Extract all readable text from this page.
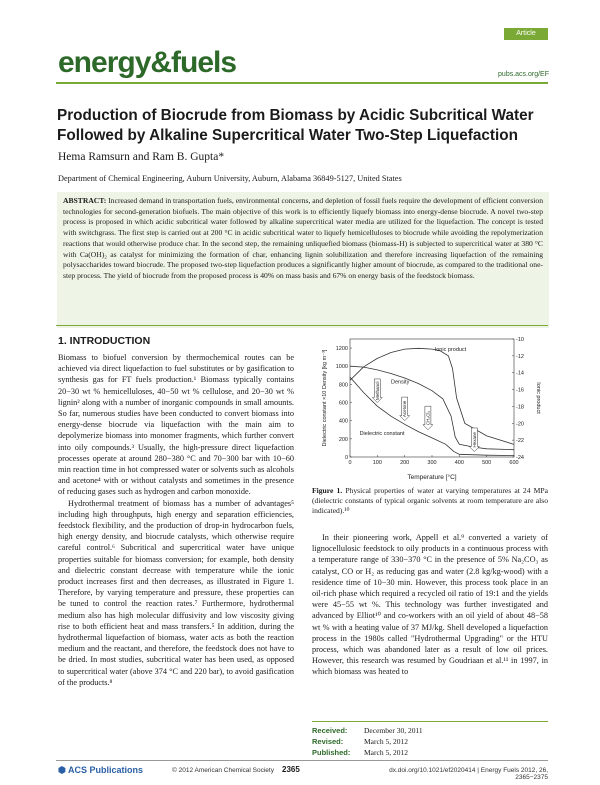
Article
energy&fuels	pubs.acs.org/EF
Production of Biocrude from Biomass by Acidic Subcritical Water Followed by Alkaline Supercritical Water Two-Step Liquefaction
Hema Ramsurn and Ram B. Gupta*
Department of Chemical Engineering, Auburn University, Auburn, Alabama 36849-5127, United States
ABSTRACT: Increased demand in transportation fuels, environmental concerns, and depletion of fossil fuels require the development of efficient conversion technologies for second-generation biofuels. The main objective of this work is to efficiently liquefy biomass into energy-dense biocrude. A novel two-step process is proposed in which acidic subcritical water followed by alkaline supercritical water media are utilized for the liquefaction. The concept is tested with switchgrass. The first step is carried out at 200 °C in acidic subcritical water to liquefy hemicelluloses to biocrude while avoiding the repolymerization reactions that would otherwise produce char. In the second step, the remaining unliquefied biomass (biomass-H) is subjected to supercritical water at 380 °C with Ca(OH)₂ as catalyst for minimizing the formation of char, enhancing lignin solubilization and therefore increasing liquefaction of the remaining polysaccharides toward biocrude. The proposed two-step liquefaction produces a significantly higher amount of biocrude, as compared to the traditional one-step process. The yield of biocrude from the proposed process is 40% on mass basis and 67% on energy basis of the feedstock biomass.
1. INTRODUCTION

Biomass to biofuel conversion by thermochemical routes can be achieved via direct liquefaction to fuel substitutes or by gasification to synthesis gas for FT fuels production.¹ Biomass typically contains 20−30 wt % hemicelluloses, 40−50 wt % cellulose, and 20−30 wt % lignin² along with a number of inorganic compounds in small amounts. So far, numerous studies have been conducted to convert biomass into energy-dense biocrude via liquefaction with the main aim to depolymerize biomass into monomer fragments, which further convert into oily compounds.³ Usually, the high-pressure direct liquefaction processes operate at around 280−380 °C and 70−300 bar with 10−60 min reaction time in hot compressed water or solvents such as alcohols and acetone⁴ with or without catalysts and sometimes in the presence of reducing gases such as hydrogen and carbon monoxide.

Hydrothermal treatment of biomass has a number of advantages⁵ including high throughputs, high energy and separation efficiencies, feedstock flexibility, and the production of drop-in hydrocarbon fuels, high energy density, and biocrude catalysts, which otherwise require careful control.⁶ Subcritical and supercritical water have unique properties suitable for biomass conversion; for example, both density and dielectric constant decrease with temperature while the ionic product increases first and then decreases, as illustrated in Figure 1. Therefore, by varying temperature and pressure, these properties can be tuned to control the reaction rates.⁷ Furthermore, hydrothermal medium also has high molecular diffusivity and low viscosity giving rise to both efficient heat and mass transfers.⁵ In addition, during the hydrothermal liquefaction of biomass, water acts as both the reaction medium and the reactant, and therefore, the feedstock does not have to be dried. In most studies, subcritical water has been used, as opposed to supercritical water (above 374 °C and 220 bar), to avoid gasification of the products.⁸

0	100	200	300	400	500	600
0
200
400
600
800
1000
1200
-10
-12
-14
-16
-18
-20
-22
-24
Ionic product
Density
Dielectric constant
Methanol
Acetone
CH₂Cl₂
Hexane
Temperature [°C]
Dielectric constant ×10 Density [kg m⁻³]	Ionic product
Figure 1. Physical properties of water at varying temperatures at 24 MPa (dielectric constants of typical organic solvents at room temperature are also indicated).¹⁰

In their pioneering work, Appell et al.⁹ converted a variety of lignocellulosic feedstock to oily products in a continuous process with a temperature range of 330−370 °C in the presence of 5% Na₂CO₃ as catalyst, CO or H₂ as reducing gas and water (2.8 kg/kg-wood) with a residence time of 10−30 min. However, this process took place in an oil-rich phase which required a recycled oil ratio of 19:1 and the yields were 45−55 wt %. This technology was further investigated and advanced by Elliot¹⁰ and co-workers with an oil yield of about 48−58 wt % with a heating value of 37 MJ/kg. Shell developed a liquefaction process in the 1980s called "Hydrothermal Upgrading" or the HTU process, which was abandoned later as a result of low oil prices. However, this research was resumed by Goudriaan et al.¹¹ in 1997, in which biomass was heated to

Received: December 30, 2011
Revised:	March 5, 2012
Published: March 5, 2012
⬢ ACS Publications	© 2012 American Chemical Society 2365	dx.doi.org/10.1021/ef2020414 | Energy Fuels 2012, 26, 2365−2375
